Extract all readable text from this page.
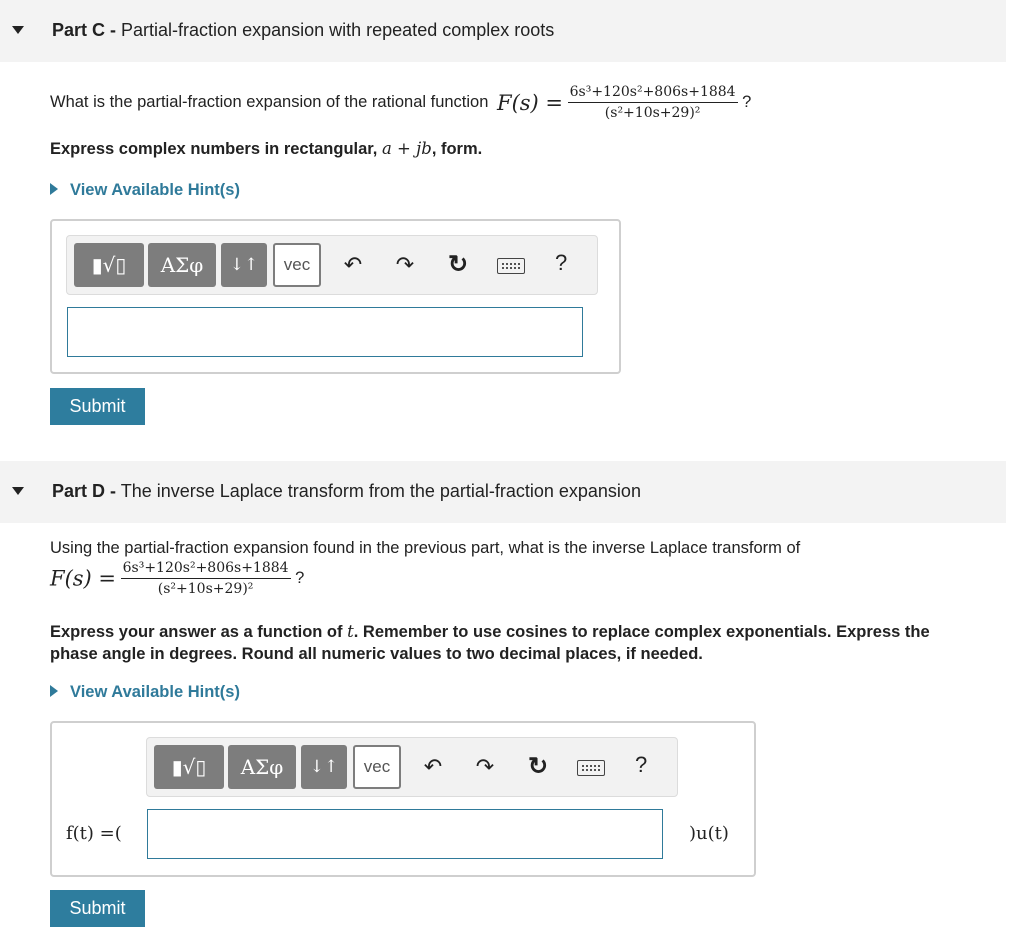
Part C - Partial-fraction expansion with repeated complex roots
What is the partial-fraction expansion of the rational function $F(s) = \frac{\text{6s³+120s²+806s+1884}}{\text{(s²+10s+29)²}}$ ?
Express complex numbers in rectangular, a + jb, form.
View Available Hint(s)
▮√▯	ΑΣφ	↓↑	vec	↶ ↷ ↻	?
Submit
Part D - The inverse Laplace transform from the partial-fraction expansion
Using the partial-fraction expansion found in the previous part, what is the inverse Laplace transform of
$F(s) = \frac{\text{6s³+120s²+806s+1884}}{\text{(s²+10s+29)²}}$ ?
Express your answer as a function of t. Remember to use cosines to replace complex exponentials. Express the
phase angle in degrees. Round all numeric values to two decimal places, if needed.
View Available Hint(s)
▮√▯	ΑΣφ	↓↑	vec	↶ ↷ ↻	?
f(t) =(	)u(t)
Submit
